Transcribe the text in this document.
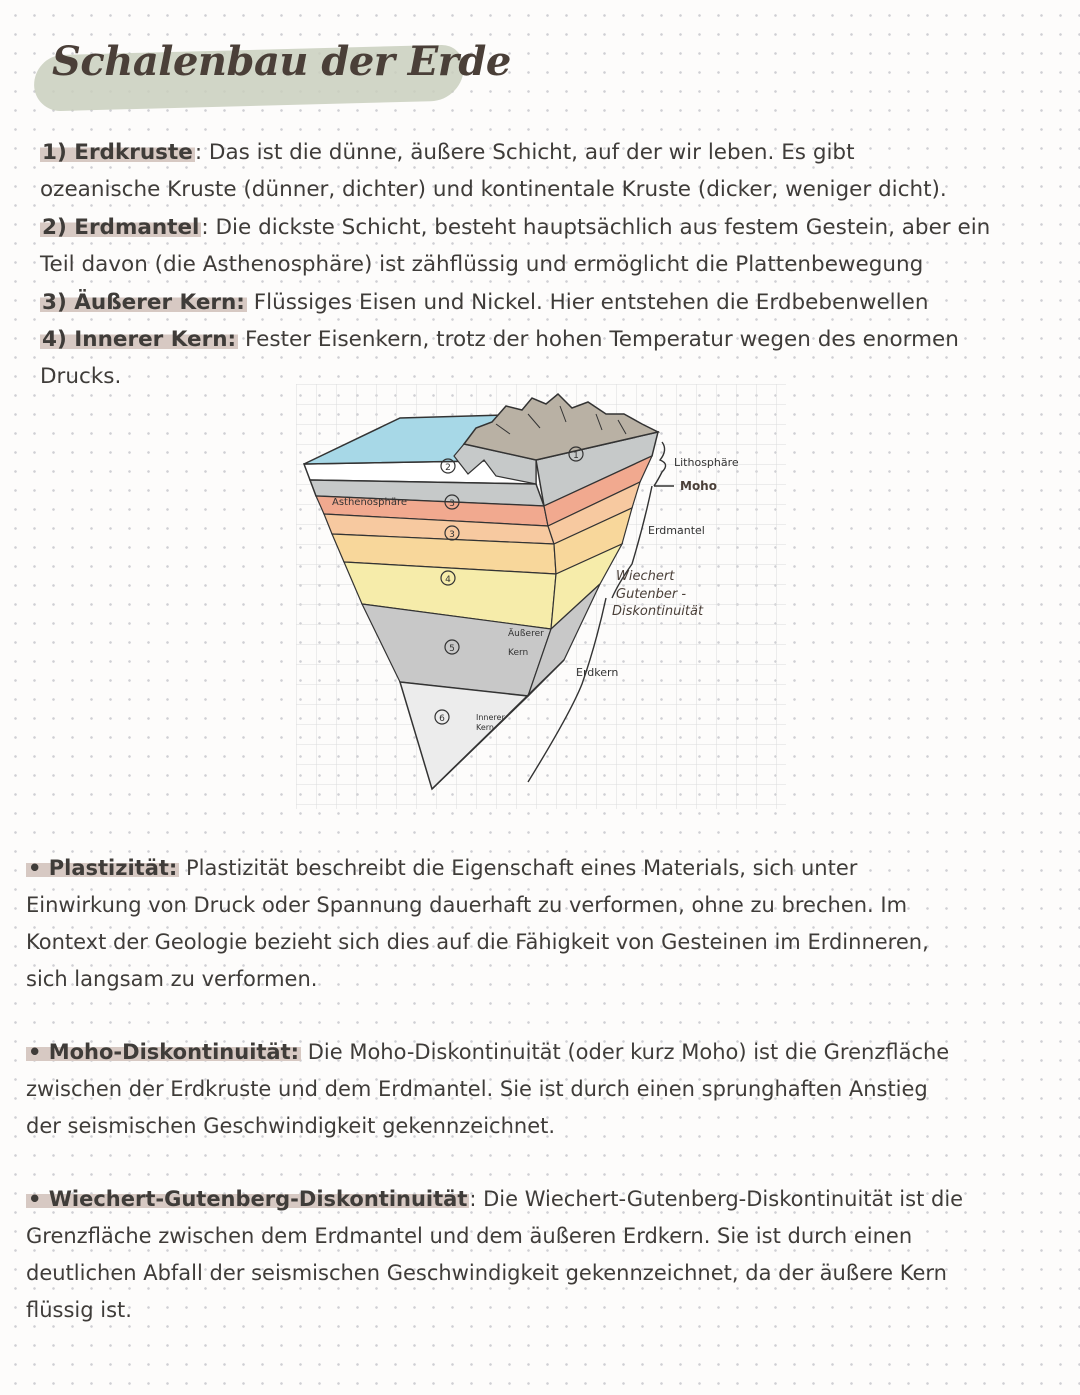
Schalenbau der Erde
1) Erdkruste: Das ist die dünne, äußere Schicht, auf der wir leben. Es gibt
ozeanische Kruste (dünner, dichter) und kontinentale Kruste (dicker, weniger dicht).
2) Erdmantel: Die dickste Schicht, besteht hauptsächlich aus festem Gestein, aber ein
Teil davon (die Asthenosphäre) ist zähflüssig und ermöglicht die Plattenbewegung
3) Äußerer Kern: Flüssiges Eisen und Nickel. Hier entstehen die Erdbebenwellen
4) Innerer Kern: Fester Eisenkern, trotz der hohen Temperatur wegen des enormen
Drucks.
1
2
3
3
4
5
6
Asthenosphäre
Äußerer
Kern
Innerer
Kern
Lithosphäre
Moho
Erdmantel
Wiechert
Gutenber -
Diskontinuität
Erdkern
• Plastizität: Plastizität beschreibt die Eigenschaft eines Materials, sich unter
Einwirkung von Druck oder Spannung dauerhaft zu verformen, ohne zu brechen. Im
Kontext der Geologie bezieht sich dies auf die Fähigkeit von Gesteinen im Erdinneren,
sich langsam zu verformen.
• Moho-Diskontinuität: Die Moho-Diskontinuität (oder kurz Moho) ist die Grenzfläche
zwischen der Erdkruste und dem Erdmantel. Sie ist durch einen sprunghaften Anstieg
der seismischen Geschwindigkeit gekennzeichnet.
• Wiechert-Gutenberg-Diskontinuität: Die Wiechert-Gutenberg-Diskontinuität ist die
Grenzfläche zwischen dem Erdmantel und dem äußeren Erdkern. Sie ist durch einen
deutlichen Abfall der seismischen Geschwindigkeit gekennzeichnet, da der äußere Kern
flüssig ist.
